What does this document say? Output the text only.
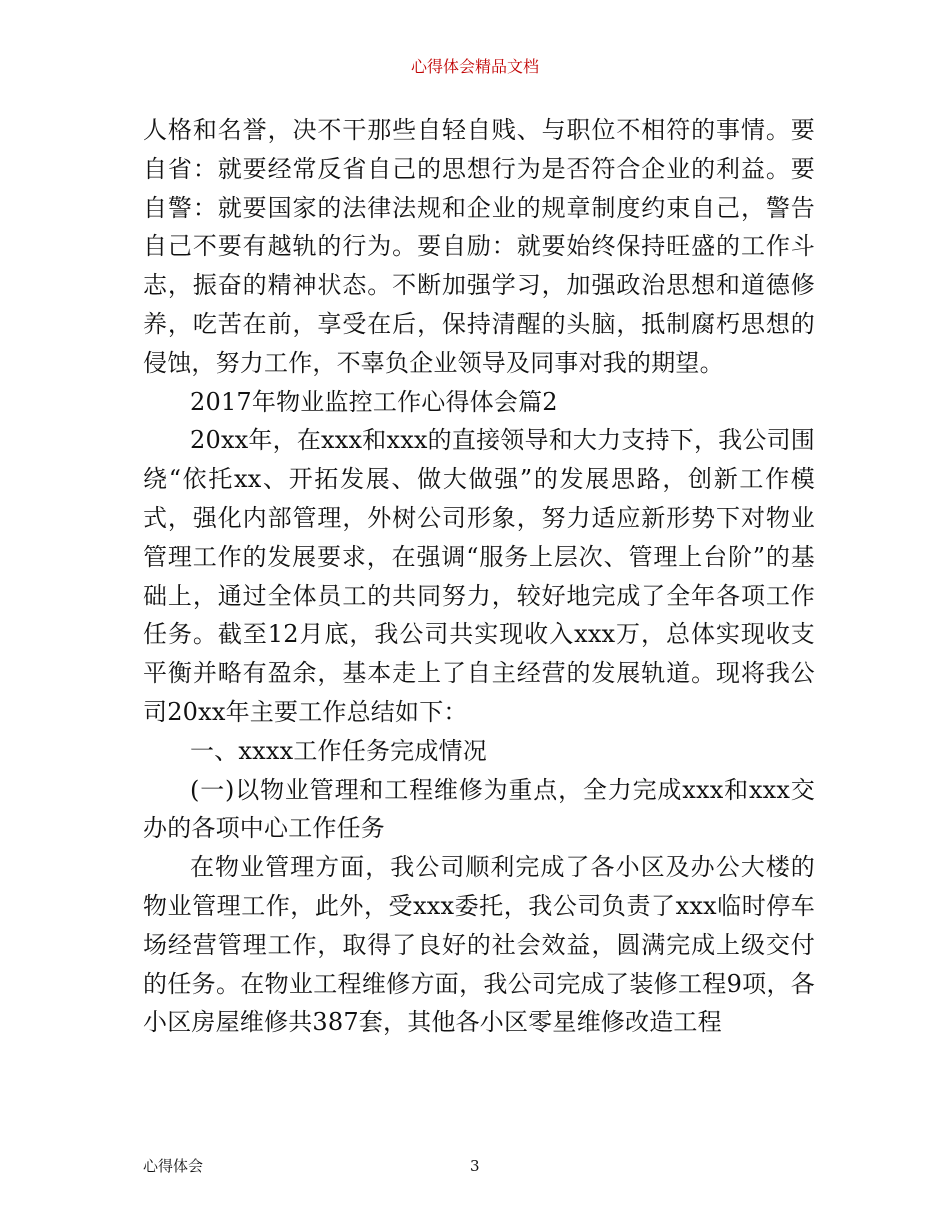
心得体会精品文档

人格和名誉，决不干那些自轻自贱、与职位不相符的事情。要自省：就要经常反省自己的思想行为是否符合企业的利益。要自警：就要国家的法律法规和企业的规章制度约束自己，警告自己不要有越轨的行为。要自励：就要始终保持旺盛的工作斗志，振奋的精神状态。不断加强学习，加强政治思想和道德修养，吃苦在前，享受在后，保持清醒的头脑，抵制腐朽思想的侵蚀，努力工作，不辜负企业领导及同事对我的期望。

2017年物业监控工作心得体会篇2

20xx年，在xxx和xxx的直接领导和大力支持下，我公司围绕“依托xx、开拓发展、做大做强”的发展思路，创新工作模式，强化内部管理，外树公司形象，努力适应新形势下对物业管理工作的发展要求，在强调“服务上层次、管理上台阶”的基础上，通过全体员工的共同努力，较好地完成了全年各项工作任务。截至12月底，我公司共实现收入xxx万，总体实现收支平衡并略有盈余，基本走上了自主经营的发展轨道。现将我公司20xx年主要工作总结如下：

一、xxxx工作任务完成情况

(一)以物业管理和工程维修为重点，全力完成xxx和xxx交办的各项中心工作任务

在物业管理方面，我公司顺利完成了各小区及办公大楼的物业管理工作，此外，受xxx委托，我公司负责了xxx临时停车场经营管理工作，取得了良好的社会效益，圆满完成上级交付的任务。在物业工程维修方面，我公司完成了装修工程9项，各小区房屋维修共387套，其他各小区零星维修改造工程

心得体会	3
